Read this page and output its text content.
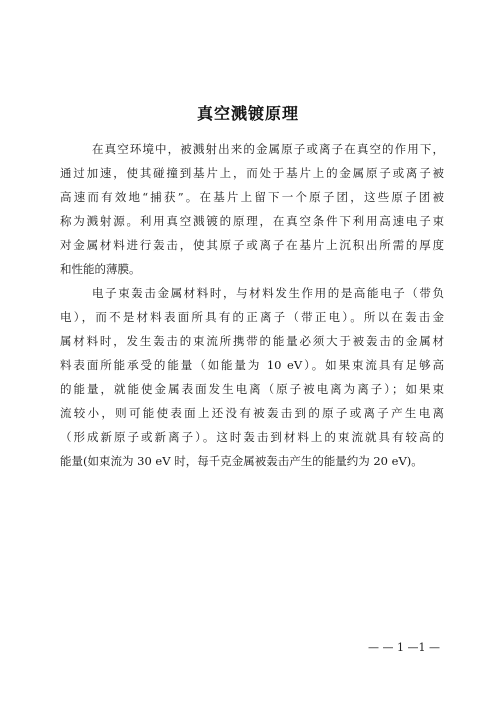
真空溅镀原理
在真空环境中，被溅射出来的金属原子或离子在真空的作用下，
通过加速，使其碰撞到基片上，而处于基片上的金属原子或离子被
高速而有效地“捕获”。在基片上留下一个原子团，这些原子团被
称为溅射源。利用真空溅镀的原理，在真空条件下利用高速电子束
对金属材料进行轰击，使其原子或离子在基片上沉积出所需的厚度
和性能的薄膜。
电子束轰击金属材料时，与材料发生作用的是高能电子（带负
电），而不是材料表面所具有的正离子（带正电）。所以在轰击金
属材料时，发生轰击的束流所携带的能量必须大于被轰击的金属材
料表面所能承受的能量（如能量为 10 eV）。如果束流具有足够高
的能量，就能使金属表面发生电离（原子被电离为离子）；如果束
流较小，则可能使表面上还没有被轰击到的原子或离子产生电离
（形成新原子或新离子）。这时轰击到材料上的束流就具有较高的
能量(如束流为 30 eV 时，每千克金属被轰击产生的能量约为 20 eV)。

— — 1 —1 —
